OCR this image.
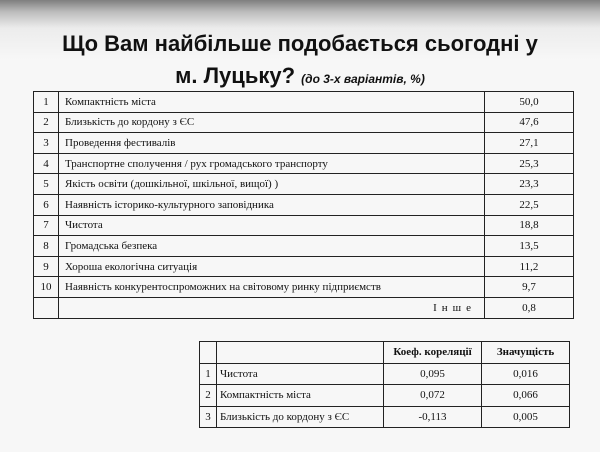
Що Вам найбільше подобається сьогодні у
м. Луцьку? (до 3-х варіантів, %)
1	Компактність міста	50,0
2	Близькість до кордону з ЄС	47,6
3	Проведення фестивалів	27,1
4	Транспортне сполучення / рух громадського транспорту	25,3
5	Якість освіти (дошкільної, шкільної, вищої) )	23,3
6	Наявність історико-культурного заповідника	22,5
7	Чистота	18,8
8	Громадська безпека	13,5
9	Хороша екологічна ситуація	11,2
10	Наявність конкурентоспроможних на світовому ринку підприємств	9,7
	Інше	0,8
		Коеф. кореляції	Значущість
1	Чистота	0,095	0,016
2	Компактність міста	0,072	0,066
3	Близькість до кордону з ЄС	-0,113	0,005
